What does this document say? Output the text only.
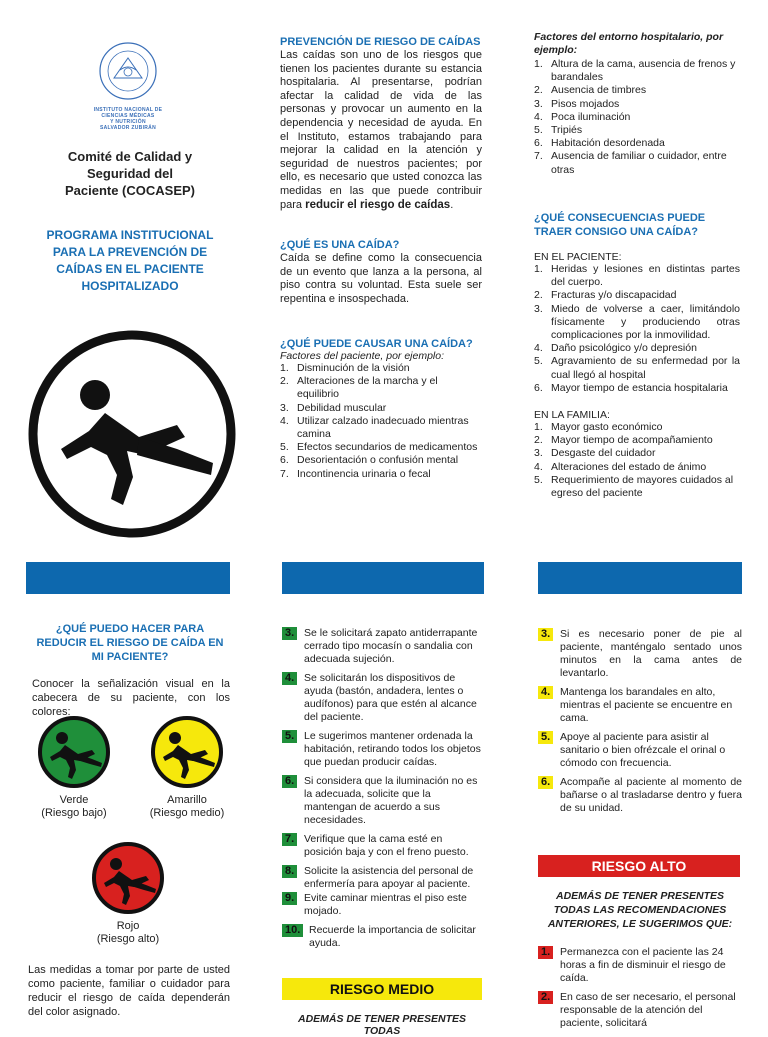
INSTITUTO NACIONAL DE
CIENCIAS MÉDICAS
Y NUTRICIÓN
SALVADOR ZUBIRÁN
Comité de Calidad y
Seguridad del
Paciente (COCASEP)
PROGRAMA INSTITUCIONAL
PARA LA PREVENCIÓN DE
CAÍDAS EN EL PACIENTE
HOSPITALIZADO
PREVENCIÓN DE RIESGO DE CAÍDAS
Las caídas son uno de los riesgos que tienen los pacientes durante su estancia hospitalaria. Al presentarse, podrían afectar la calidad de vida de las personas y provocar un aumento en la dependencia y necesidad de ayuda. En el Instituto, estamos trabajando para mejorar la calidad en la atención y seguridad de nuestros pacientes; por ello, es necesario que usted conozca las medidas en las que puede contribuir para reducir el riesgo de caídas.
¿QUÉ ES UNA CAÍDA?
Caída se define como la consecuencia de un evento que lanza a la persona, al piso contra su voluntad. Esta suele ser repentina e insospechada.
¿QUÉ PUEDE CAUSAR UNA CAÍDA?
Factores del paciente, por ejemplo:
1. Disminución de la visión
2. Alteraciones de la marcha y el equilibrio
3. Debilidad muscular
4. Utilizar calzado inadecuado mientras camina
5. Efectos secundarios de medicamentos
6. Desorientación o confusión mental
7. Incontinencia urinaria o fecal
Factores del entorno hospitalario, por ejemplo:
1. Altura de la cama, ausencia de frenos y barandales
2. Ausencia de timbres
3. Pisos mojados
4. Poca iluminación
5. Tripiés
6. Habitación desordenada
7. Ausencia de familiar o cuidador, entre otras
¿QUÉ CONSECUENCIAS PUEDE TRAER CONSIGO UNA CAÍDA?
EN EL PACIENTE:
1. Heridas y lesiones en distintas partes del cuerpo.
2. Fracturas y/o discapacidad
3. Miedo de volverse a caer, limitándolo físicamente y produciendo otras complicaciones por la inmovilidad.
4. Daño psicológico y/o depresión
5. Agravamiento de su enfermedad por la cual llegó al hospital
6. Mayor tiempo de estancia hospitalaria
EN LA FAMILIA:
1. Mayor gasto económico
2. Mayor tiempo de acompañamiento
3. Desgaste del cuidador
4. Alteraciones del estado de ánimo
5. Requerimiento de mayores cuidados al egreso del paciente
¿QUÉ PUEDO HACER PARA REDUCIR EL RIESGO DE CAÍDA EN MI PACIENTE?
Conocer la señalización visual en la cabecera de su paciente, con los colores:
Verde
(Riesgo bajo)
Amarillo
(Riesgo medio)
Rojo
(Riesgo alto)
Las medidas a tomar por parte de usted como paciente, familiar o cuidador para reducir el riesgo de caída dependerán del color asignado.
3. Se le solicitará zapato antiderrapante cerrado tipo mocasín o sandalia con adecuada sujeción.
4. Se solicitarán los dispositivos de ayuda (bastón, andadera, lentes o audífonos) para que estén al alcance del paciente.
5. Le sugerimos mantener ordenada la habitación, retirando todos los objetos que puedan producir caídas.
6. Si considera que la iluminación no es la adecuada, solicite que la mantengan de acuerdo a sus necesidades.
7. Verifique que la cama esté en posición baja y con el freno puesto.
8. Solicite la asistencia del personal de enfermería para apoyar al paciente.
9. Evite caminar mientras el piso este mojado.
10. Recuerde la importancia de solicitar ayuda.
RIESGO MEDIO
ADEMÁS DE TENER PRESENTES TODAS
3. Si es necesario poner de pie al paciente, manténgalo sentado unos minutos en la cama antes de levantarlo.
4. Mantenga los barandales en alto, mientras el paciente se encuentre en cama.
5. Apoye al paciente para asistir al sanitario o bien ofrézcale el orinal o cómodo con frecuencia.
6. Acompañe al paciente al momento de bañarse o al trasladarse dentro y fuera de su unidad.
RIESGO ALTO
ADEMÁS DE TENER PRESENTES TODAS LAS RECOMENDACIONES ANTERIORES, LE SUGERIMOS QUE:
1. Permanezca con el paciente las 24 horas a fin de disminuir el riesgo de caída.
2. En caso de ser necesario, el personal responsable de la atención del paciente, solicitará
